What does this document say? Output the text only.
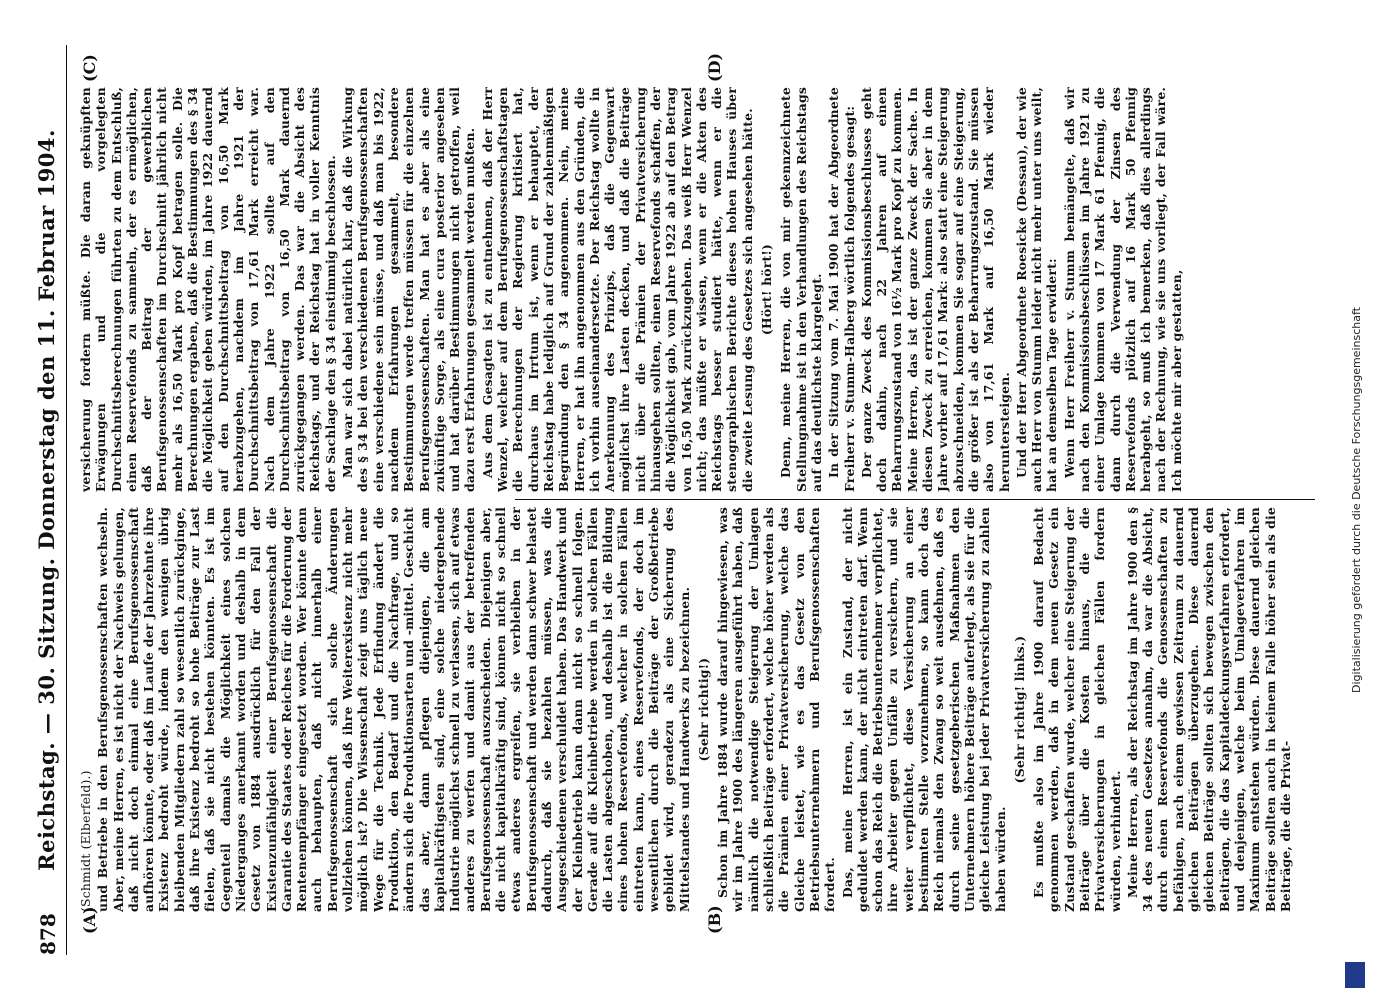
878
Reichstag. — 30. Sitzung. Donnerstag den 11. Februar 1904.
(A)	(B)
(C)	(D)

(Schmidt (Elberfeld).) und Betriebe in den Berufsgenossenschaften wechseln. Aber, meine Herren, es ist nicht der Nachweis gelungen, daß nicht doch einmal eine Berufsgenossenschaft aufhören könnte, oder daß im Laufe der Jahrzehnte ihre Existenz bedroht würde, indem den wenigen übrig bleibenden Mitgliedern zahl so wesentlich zurückginge, daß ihre Existenz bedroht so hohe Beiträge zur Last fielen, daß sie nicht bestehen könnten. Es ist im Gegenteil damals die Möglichkeit eines solchen Niederganges anerkannt worden und deshalb in dem Gesetz von 1884 ausdrücklich für den Fall der Existenzunfähigkeit einer Berufsgenossenschaft die Garantie des Staates oder Reiches für die Forderung der Rentenempfänger eingesetzt worden. Wer könnte denn auch behaupten, daß nicht innerhalb einer Berufsgenossenschaft sich solche Änderungen vollziehen können, daß ihre Weiterexistenz nicht mehr möglich ist? Die Wissenschaft zeigt uns täglich neue Wege für die Technik. Jede Erfindung ändert die Produktion, den Bedarf und die Nachfrage, und so ändern sich die Produktionsarten und -mittel. Geschicht das aber, dann pflegen diejenigen, die am kapitalkräftigsten sind, eine solche niedergehende Industrie möglichst schnell zu verlassen, sich auf etwas anderes zu werfen und damit aus der betreffenden Berufsgenossenschaft auszuscheiden. Diejenigen aber, die nicht kapitalkräftig sind, können nicht so schnell etwas anderes ergreifen, sie verbleiben in der Berufsgenossenschaft und werden dann schwer belastet dadurch, daß sie bezahlen müssen, was die Ausgeschiedenen verschuldet haben. Das Handwerk und der Kleinbetrieb kann dann nicht so schnell folgen. Gerade auf die Kleinbetriebe werden in solchen Fällen die Lasten abgeschoben, und deshalb ist die Bildung eines hohen Reservefonds, welcher in solchen Fällen eintreten kann, eines Reservefonds, der doch im wesentlichen durch die Beiträge der Großbetriebe gebildet wird, geradezu als eine Sicherung des Mittelstandes und Handwerks zu bezeichnen. (Sehr richtig!) Schon im Jahre 1884 wurde darauf hingewiesen, was wir im Jahre 1900 des längeren ausgeführt haben, daß nämlich die notwendige Steigerung der Umlagen schließlich Beiträge erfordert, welche höher werden als die Prämien einer Privatversicherung, welche das Gleiche leistet, wie es das Gesetz von den Betriebsunternehmern und Berufsgenossenschaften fordert. Das, meine Herren, ist ein Zustand, der nicht geduldet werden kann, der nicht eintreten darf. Wenn schon das Reich die Betriebsunternehmer verpflichtet, ihre Arbeiter gegen Unfälle zu versichern, und sie weiter verpflichtet, diese Versicherung an einer bestimmten Stelle vorzunehmen, so kann doch das Reich niemals den Zwang so weit ausdehnen, daß es durch seine gesetzgeberischen Maßnahmen den Unternehmern höhere Beiträge auferlegt, als sie für die gleiche Leistung bei jeder Privatversicherung zu zahlen haben würden.

(Sehr richtig! links.) Es mußte also im Jahre 1900 darauf Bedacht genommen werden, daß in dem neuen Gesetz ein Zustand geschaffen wurde, welcher eine Steigerung der Beiträge über die Kosten hinaus, die die Privatversicherungen in gleichen Fällen fordern würden, verhindert. Meine Herren, als der Reichstag im Jahre 1900 den § 34 des neuen Gesetzes annahm, da war die Absicht, durch einen Reservefonds die Genossenschaften zu befähigen, nach einem gewissen Zeitraum zu dauernd gleichen Beiträgen überzugehen. Diese dauernd gleichen Beiträge sollten sich bewegen zwischen den Beiträgen, die das Kapitaldeckungsverfahren erfordert, und denjenigen, welche beim Umlageverfahren im Maximum entstehen würden. Diese dauernd gleichen Beiträge sollten auch in keinem Falle höher sein als die Beiträge, die die Privat-

versicherung fordern müßte. Die daran geknüpften Erwägungen und die vorgelegten Durchschnittsberechnungen führten zu dem Entschluß, einen Reservefonds zu sammeln, der es ermöglichen, daß der Beitrag der gewerblichen Berufsgenossenschaften im Durchschnitt jährlich nicht mehr als 16,50 Mark pro Kopf betragen solle. Die Berechnungen ergaben, daß die Bestimmungen des § 34 die Möglichkeit geben würden, im Jahre 1922 dauernd auf den Durchschnittsbeitrag von 16,50 Mark herabzugehen, nachdem im Jahre 1921 der Durchschnittsbeitrag von 17,61 Mark erreicht war. Nach dem Jahre 1922 sollte auf den Durchschnittsbeitrag von 16,50 Mark dauernd zurückgegangen werden. Das war die Absicht des Reichstags, und der Reichstag hat in voller Kenntnis der Sachlage den § 34 einstimmig beschlossen. Man war sich dabei natürlich klar, daß die Wirkung des § 34 bei den verschiedenen Berufsgenossenschaften eine verschiedene sein müsse, und daß man bis 1922, nachdem Erfahrungen gesammelt, besondere Bestimmungen werde treffen müssen für die einzelnen Berufsgenossenschaften. Man hat es aber als eine zukünftige Sorge, als eine cura posterior angesehen und hat darüber Bestimmungen nicht getroffen, weil dazu erst Erfahrungen gesammelt werden mußten. Aus dem Gesagten ist zu entnehmen, daß der Herr Wenzel, welcher auf dem Berufsgenossenschaftstagen die Berechnungen der Regierung kritisiert hat, durchaus im Irrtum ist, wenn er behauptet, der Reichstag habe lediglich auf Grund der zahlenmäßigen Begründung den § 34 angenommen. Nein, meine Herren, er hat ihn angenommen aus den Gründen, die ich vorhin auseinandersetzte. Der Reichstag wollte in Anerkennung des Prinzips, daß die Gegenwart möglichst ihre Lasten decken, und daß die Beiträge nicht über die Prämien der Privatversicherung hinausgehen sollten, einen Reservefonds schaffen, der die Möglichkeit gab, vom Jahre 1922 ab auf den Betrag von 16,50 Mark zurückzugehen. Das weiß Herr Wenzel nicht; das müßte er wissen, wenn er die Akten des Reichstags besser studiert hätte, wenn er die stenographischen Berichte dieses hohen Hauses über die zweite Lesung des Gesetzes sich angesehen hätte. (Hört! hört!) Denn, meine Herren, die von mir gekennzeichnete Stellungnahme ist in den Verhandlungen des Reichstags auf das deutlichste klargelegt. In der Sitzung vom 7. Mai 1900 hat der Abgeordnete Freiherr v. Stumm-Halberg wörtlich folgendes gesagt: Der ganze Zweck des Kommissionsbeschlusses geht doch dahin, nach 22 Jahren auf einen Beharrungszustand von 16½ Mark pro Kopf zu kommen. Meine Herren, das ist der ganze Zweck der Sache. In diesen Zweck zu erreichen, kommen Sie aber in dem Jahre vorher auf 17,61 Mark: also statt eine Steigerung abzuschneiden, kommen Sie sogar auf eine Steigerung, die größer ist als der Beharrungszustand. Sie müssen also von 17,61 Mark auf 16,50 Mark wieder heruntersteigen. Und der Herr Abgeordnete Roesicke (Dessau), der wie auch Herr von Stumm leider nicht mehr unter uns weilt, hat an demselben Tage erwidert: Wenn Herr Freiherr v. Stumm bemängelte, daß wir nach den Kommissionsbeschlüssen im Jahre 1921 zu einer Umlage kommen von 17 Mark 61 Pfennig, die dann durch die Verwendung der Zinsen des Reservefonds plötzlich auf 16 Mark 50 Pfennig herabgeht, so muß ich bemerken, daß dies allerdings nach der Rechnung, wie sie uns vorliegt, der Fall wäre. Ich möchte mir aber gestatten,	Digitalisierung gefördert durch die Deutsche Forschungsgemeinschaft
